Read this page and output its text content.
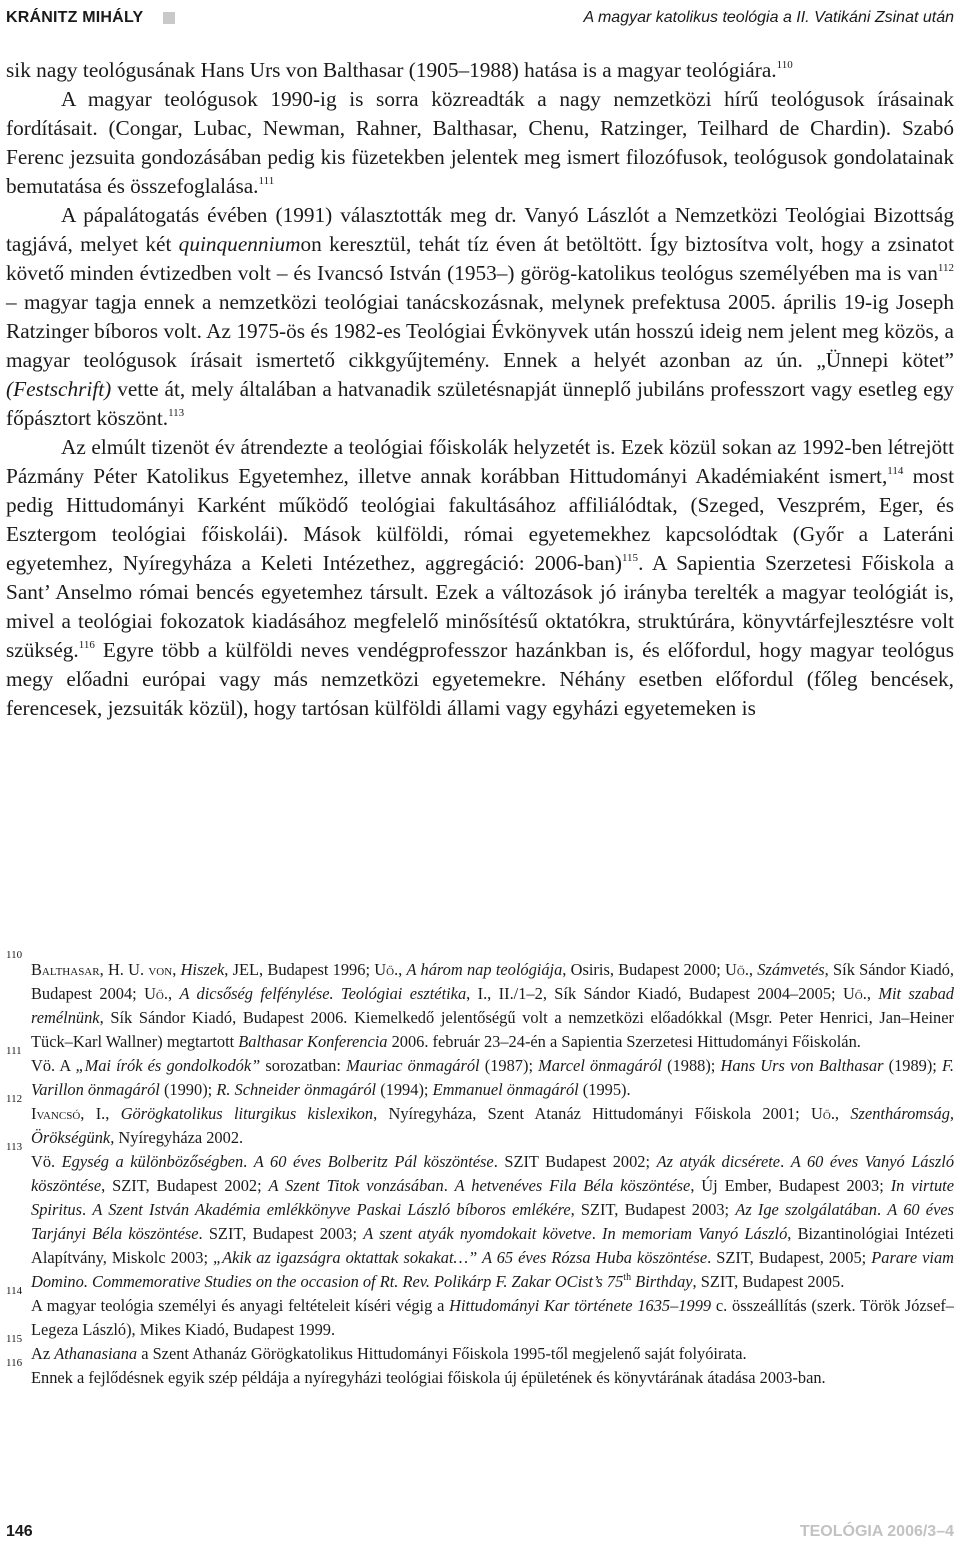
KRÁNITZ MIHÁLY	A magyar katolikus teológia a II. Vatikáni Zsinat után

sik nagy teológusának Hans Urs von Balthasar (1905–1988) hatása is a magyar teológiára.$^{110}$

A magyar teológusok 1990-ig is sorra közreadták a nagy nemzetközi hírű teológusok írásainak fordításait. (Congar, Lubac, Newman, Rahner, Balthasar, Chenu, Ratzinger, Teilhard de Chardin). Szabó Ferenc jezsuita gondozásában pedig kis füzetekben jelentek meg ismert filozófusok, teológusok gondolatainak bemutatása és összefoglalása.$^{111}$

A pápalátogatás évében (1991) választották meg dr. Vanyó Lászlót a Nemzetközi Teológiai Bizottság tagjává, melyet két quinquenniumon keresztül, tehát tíz éven át betöltött. Így biztosítva volt, hogy a zsinatot követő minden évtizedben volt – és Ivancsó István (1953–) görög-katolikus teológus személyében ma is van$^{112}$ – magyar tagja ennek a nemzetközi teológiai tanácskozásnak, melynek prefektusa 2005. április 19-ig Joseph Ratzinger bíboros volt. Az 1975-ös és 1982-es Teológiai Évkönyvek után hosszú ideig nem jelent meg közös, a magyar teológusok írásait ismertető cikkgyűjtemény. Ennek a helyét azonban az ún. „Ünnepi kötet” (Festschrift) vette át, mely általában a hatvanadik születésnapját ünneplő jubiláns professzort vagy esetleg egy főpásztort köszönt.$^{113}$

Az elmúlt tizenöt év átrendezte a teológiai főiskolák helyzetét is. Ezek közül sokan az 1992-ben létrejött Pázmány Péter Katolikus Egyetemhez, illetve annak korábban Hittudományi Akadémiaként ismert,$^{114}$ most pedig Hittudományi Karként működő teológiai fakultásához affiliálódtak, (Szeged, Veszprém, Eger, és Esztergom teológiai főiskolái). Mások külföldi, római egyetemekhez kapcsolódtak (Győr a Lateráni egyetemhez, Nyíregyháza a Keleti Intézethez, aggregáció: 2006-ban)$^{115}$. A Sapientia Szerzetesi Főiskola a Sant’ Anselmo római bencés egyetemhez társult. Ezek a változások jó irányba terelték a magyar teológiát is, mivel a teológiai fokozatok kiadásához megfelelő minősítésű oktatókra, struktúrára, könyvtárfejlesztésre volt szükség.$^{116}$ Egyre több a külföldi neves vendégprofesszor hazánkban is, és előfordul, hogy magyar teológus megy előadni európai vagy más nemzetközi egyetemekre. Néhány esetben előfordul (főleg bencések, ferencesek, jezsuiták közül), hogy tartósan külföldi állami vagy egyházi egyetemeken is

110
Balthasar, H. U. von, Hiszek, JEL, Budapest 1996; Uő., A három nap teológiája, Osiris, Budapest 2000; Uő., Számvetés, Sík Sándor Kiadó, Budapest 2004; Uő., A dicsőség felfénylése. Teológiai esztétika, I., II./1–2, Sík Sándor Kiadó, Budapest 2004–2005; Uő., Mit szabad remélnünk, Sík Sándor Kiadó, Budapest 2006. Kiemelkedő jelentőségű volt a nemzetközi előadókkal (Msgr. Peter Henrici, Jan–Heiner Tück–Karl Wallner) megtartott Balthasar Konferencia 2006. február 23–24-én a Sapientia Szerzetesi Hittudományi Főiskolán.

111
Vö. A „Mai írók és gondolkodók” sorozatban: Mauriac önmagáról (1987); Marcel önmagáról (1988); Hans Urs von Balthasar (1989); F. Varillon önmagáról (1990); R. Schneider önmagáról (1994); Emmanuel önmagáról (1995).

112
Ivancsó, I., Görögkatolikus liturgikus kislexikon, Nyíregyháza, Szent Atanáz Hittudományi Főiskola 2001; Uő., Szentháromság, Örökségünk, Nyíregyháza 2002.

113
Vö. Egység a különbözőségben. A 60 éves Bolberitz Pál köszöntése. SZIT Budapest 2002; Az atyák dicsérete. A 60 éves Vanyó László köszöntése, SZIT, Budapest 2002; A Szent Titok vonzásában. A hetvenéves Fila Béla köszöntése, Új Ember, Budapest 2003; In virtute Spiritus. A Szent István Akadémia emlékkönyve Paskai László bíboros emlékére, SZIT, Budapest 2003; Az Ige szolgálatában. A 60 éves Tarjányi Béla köszöntése. SZIT, Budapest 2003; A szent atyák nyomdokait követve. In memoriam Vanyó László, Bizantinológiai Intézeti Alapítvány, Miskolc 2003; „Akik az igazságra oktattak sokakat…” A 65 éves Rózsa Huba köszöntése. SZIT, Budapest, 2005; Parare viam Domino. Commemorative Studies on the occasion of Rt. Rev. Polikárp F. Zakar OCist’s 75th Birthday, SZIT, Budapest 2005.

114
A magyar teológia személyi és anyagi feltételeit kíséri végig a Hittudományi Kar története 1635–1999 c. összeállítás (szerk. Török József–Legeza László), Mikes Kiadó, Budapest 1999.

115
Az Athanasiana a Szent Athanáz Görögkatolikus Hittudományi Főiskola 1995-től megjelenő saját folyóirata.

116
Ennek a fejlődésnek egyik szép példája a nyíregyházi teológiai főiskola új épületének és könyvtárának átadása 2003-ban.

146	TEOLÓGIA 2006/3–4
